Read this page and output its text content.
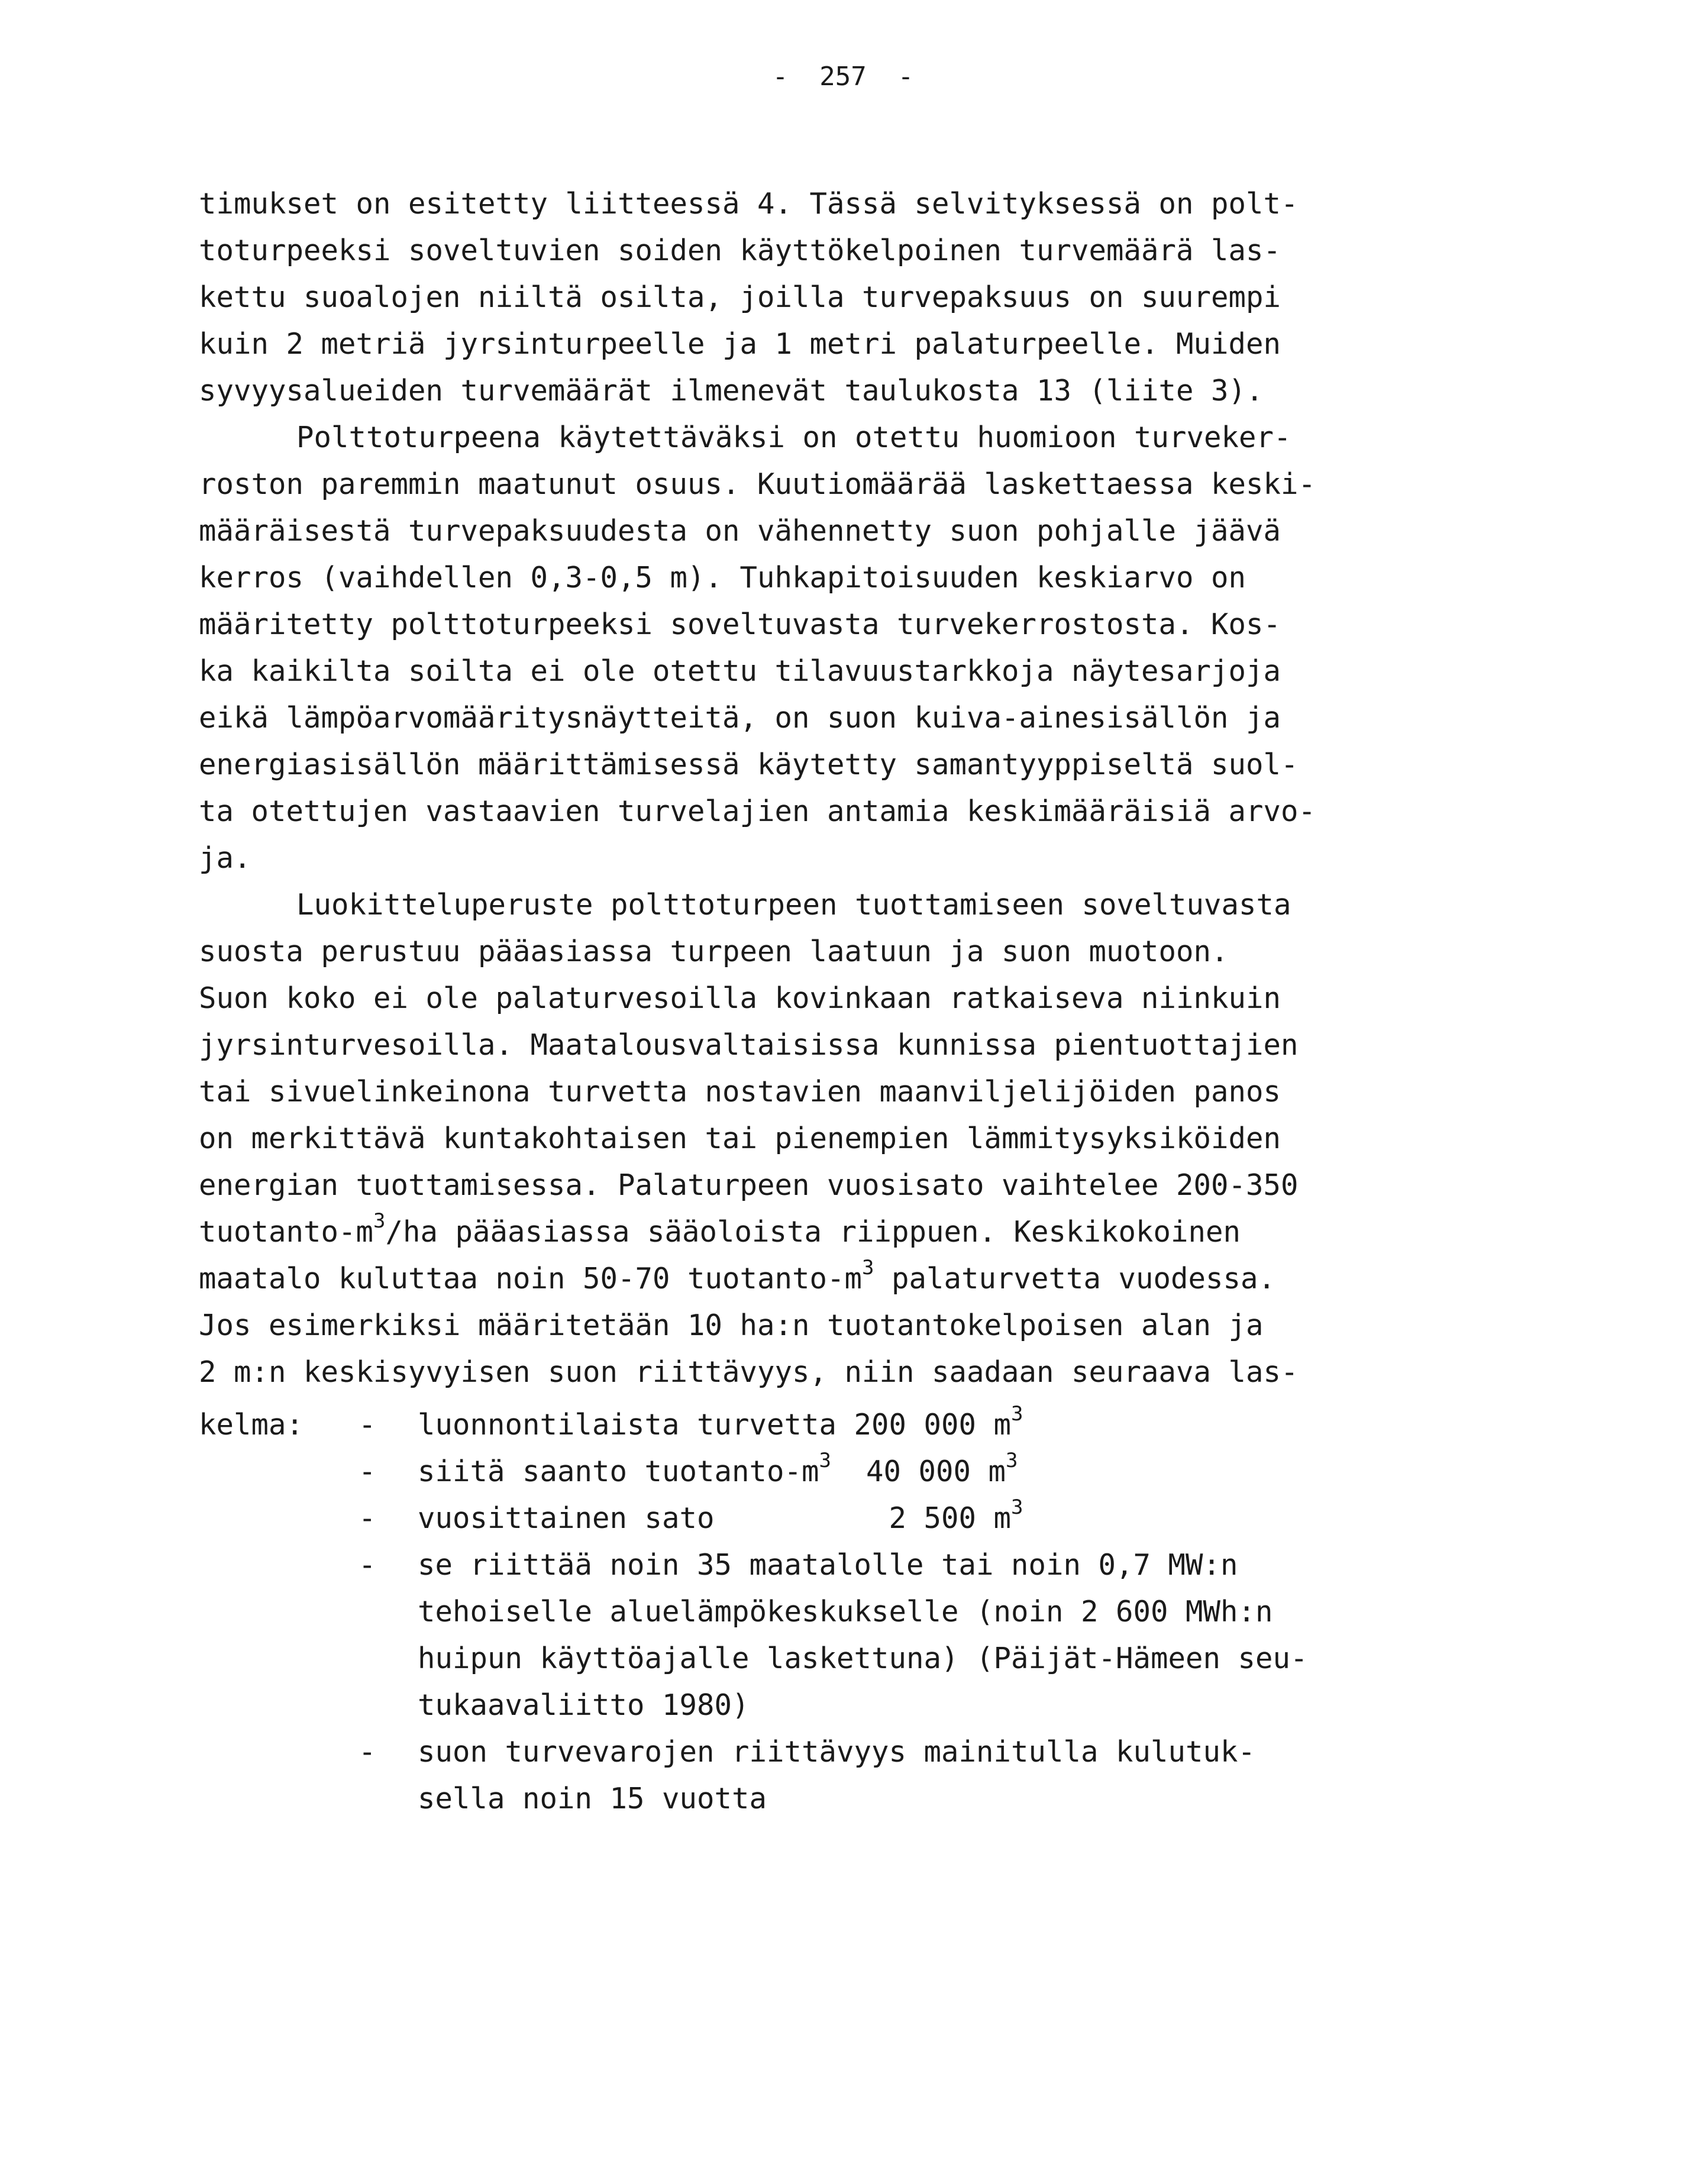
-  257  -
timukset on esitetty liitteessä 4. Tässä selvityksessä on polt-
toturpeeksi soveltuvien soiden käyttökelpoinen turvemäärä las-
kettu suoalojen niiltä osilta, joilla turvepaksuus on suurempi
kuin 2 metriä jyrsinturpeelle ja 1 metri palaturpeelle. Muiden
syvyysalueiden turvemäärät ilmenevät taulukosta 13 (liite 3).
Polttoturpeena käytettäväksi on otettu huomioon turveker-
roston paremmin maatunut osuus. Kuutiomäärää laskettaessa keski-
määräisestä turvepaksuudesta on vähennetty suon pohjalle jäävä
kerros (vaihdellen 0,3-0,5 m). Tuhkapitoisuuden keskiarvo on
määritetty polttoturpeeksi soveltuvasta turvekerrostosta. Kos-
ka kaikilta soilta ei ole otettu tilavuustarkkoja näytesarjoja
eikä lämpöarvomääritysnäytteitä, on suon kuiva-ainesisällön ja
energiasisällön määrittämisessä käytetty samantyyppiseltä suol-
ta otettujen vastaavien turvelajien antamia keskimääräisiä arvo-
ja.
Luokitteluperuste polttoturpeen tuottamiseen soveltuvasta
suosta perustuu pääasiassa turpeen laatuun ja suon muotoon.
Suon koko ei ole palaturvesoilla kovinkaan ratkaiseva niinkuin
jyrsinturvesoilla. Maatalousvaltaisissa kunnissa pientuottajien
tai sivuelinkeinona turvetta nostavien maanviljelijöiden panos
on merkittävä kuntakohtaisen tai pienempien lämmitysyksiköiden
energian tuottamisessa. Palaturpeen vuosisato vaihtelee 200-350
tuotanto-$m^3/ha$ pääasiassa sääoloista riippuen. Keskikokoinen
maatalo kuluttaa noin 50-70 tuotanto-$m^3$ palaturvetta vuodessa.
Jos esimerkiksi määritetään 10 ha:n tuotantokelpoisen alan ja
2 m:n keskisyvyisen suon riittävyys, niin saadaan seuraava las-
kelma: - luonnontilaista turvetta 200 000 $m^3$
- siitä saanto tuotanto-$m^3$  40 000 $m^3$
- vuosittainen sato	2 500 $m^3$
- se riittää noin 35 maatalolle tai noin 0,7 MW:n
tehoiselle aluelämpökeskukselle (noin 2 600 MWh:n
huipun käyttöajalle laskettuna) (Päijät-Hämeen seu-
tukaavaliitto 1980)
- suon turvevarojen riittävyys mainitulla kulutuk-
sella noin 15 vuotta
